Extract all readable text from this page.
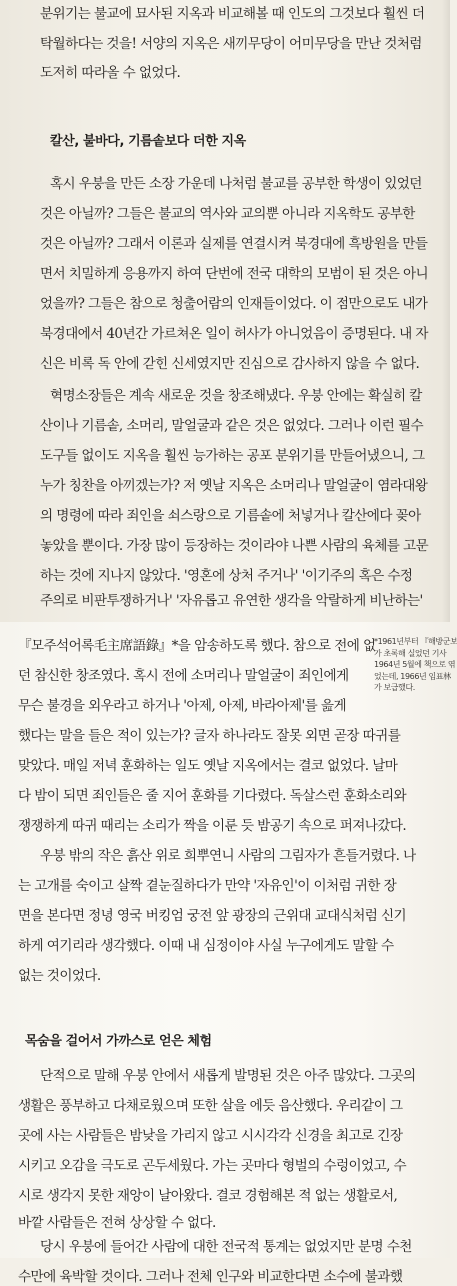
분위기는 불교에 묘사된 지옥과 비교해볼 때 인도의 그것보다 훨씬 더

탁월하다는 것을! 서양의 지옥은 새끼무당이 어미무당을 만난 것처럼

도저히 따라올 수 없었다.

칼산, 불바다, 기름솥보다 더한 지옥

혹시 우붕을 만든 소장 가운데 나처럼 불교를 공부한 학생이 있었던

것은 아닐까? 그들은 불교의 역사와 교의뿐 아니라 지옥학도 공부한

것은 아닐까? 그래서 이론과 실제를 연결시켜 북경대에 흑방원을 만들

면서 치밀하게 응용까지 하여 단번에 전국 대학의 모범이 된 것은 아니

었을까? 그들은 참으로 청출어람의 인재들이었다. 이 점만으로도 내가

북경대에서 40년간 가르쳐온 일이 허사가 아니었음이 증명된다. 내 자

신은 비록 독 안에 갇힌 신세였지만 진심으로 감사하지 않을 수 없다.

혁명소장들은 계속 새로운 것을 창조해냈다. 우붕 안에는 확실히 칼

산이나 기름솥, 소머리, 말얼굴과 같은 것은 없었다. 그러나 이런 필수

도구들 없이도 지옥을 훨씬 능가하는 공포 분위기를 만들어냈으니, 그

누가 칭찬을 아끼겠는가? 저 옛날 지옥은 소머리나 말얼굴이 염라대왕

의 명령에 따라 죄인을 쇠스랑으로 기름솥에 처넣거나 칼산에다 꽂아

놓았을 뿐이다. 가장 많이 등장하는 것이라야 나쁜 사람의 육체를 고문

하는 것에 지나지 않았다. '영혼에 상처 주거나' '이기주의 혹은 수정

주의로 비판투쟁하거나' '자유롭고 유연한 생각을 악랄하게 비난하는'

『모주석어록毛主席語錄』*을 암송하도록 했다. 참으로 전에 없

던 참신한 창조였다. 혹시 전에 소머리나 말얼굴이 죄인에게

무슨 불경을 외우라고 하거나 '아제, 아제, 바라아제'를 읊게

했다는 말을 들은 적이 있는가? 글자 하나라도 잘못 외면 곧장 따귀를

맞았다. 매일 저녁 훈화하는 일도 옛날 지옥에서는 결코 없었다. 날마

다 밤이 되면 죄인들은 줄 지어 훈화를 기다렸다. 독살스런 훈화소리와

쟁쟁하게 따귀 때리는 소리가 짝을 이룬 듯 밤공기 속으로 퍼져나갔다.

우붕 밖의 작은 흙산 위로 희뿌연니 사람의 그림자가 흔들거렸다. 나

는 고개를 숙이고 살짝 곁눈질하다가 만약 '자유인'이 이처럼 귀한 장

면을 본다면 정녕 영국 버킹엄 궁전 앞 광장의 근위대 교대식처럼 신기

하게 여기리라 생각했다. 이때 내 심정이야 사실 누구에게도 말할 수

없는 것이었다.

목숨을 걸어서 가까스로 얻은 체험

단적으로 말해 우붕 안에서 새롭게 발명된 것은 아주 많았다. 그곳의

생활은 풍부하고 다채로웠으며 또한 살을 에듯 음산했다. 우리같이 그

곳에 사는 사람들은 밤낮을 가리지 않고 시시각각 신경을 최고로 긴장

시키고 오감을 극도로 곤두세웠다. 가는 곳마다 형벌의 수렁이었고, 수

시로 생각지 못한 재앙이 날아왔다. 결코 경험해본 적 없는 생활로서,

바깥 사람들은 전혀 상상할 수 없다.

당시 우붕에 들어간 사람에 대한 전국적 통계는 없었지만 분명 수천

수만에 육박할 것이다. 그러나 전체 인구와 비교한다면 소수에 불과했

*1961년부터 『해방군보
가 초록해 실었던 기사
1964년 5월에 책으로 엮
었는데, 1966년 임표林
가 보급했다.
